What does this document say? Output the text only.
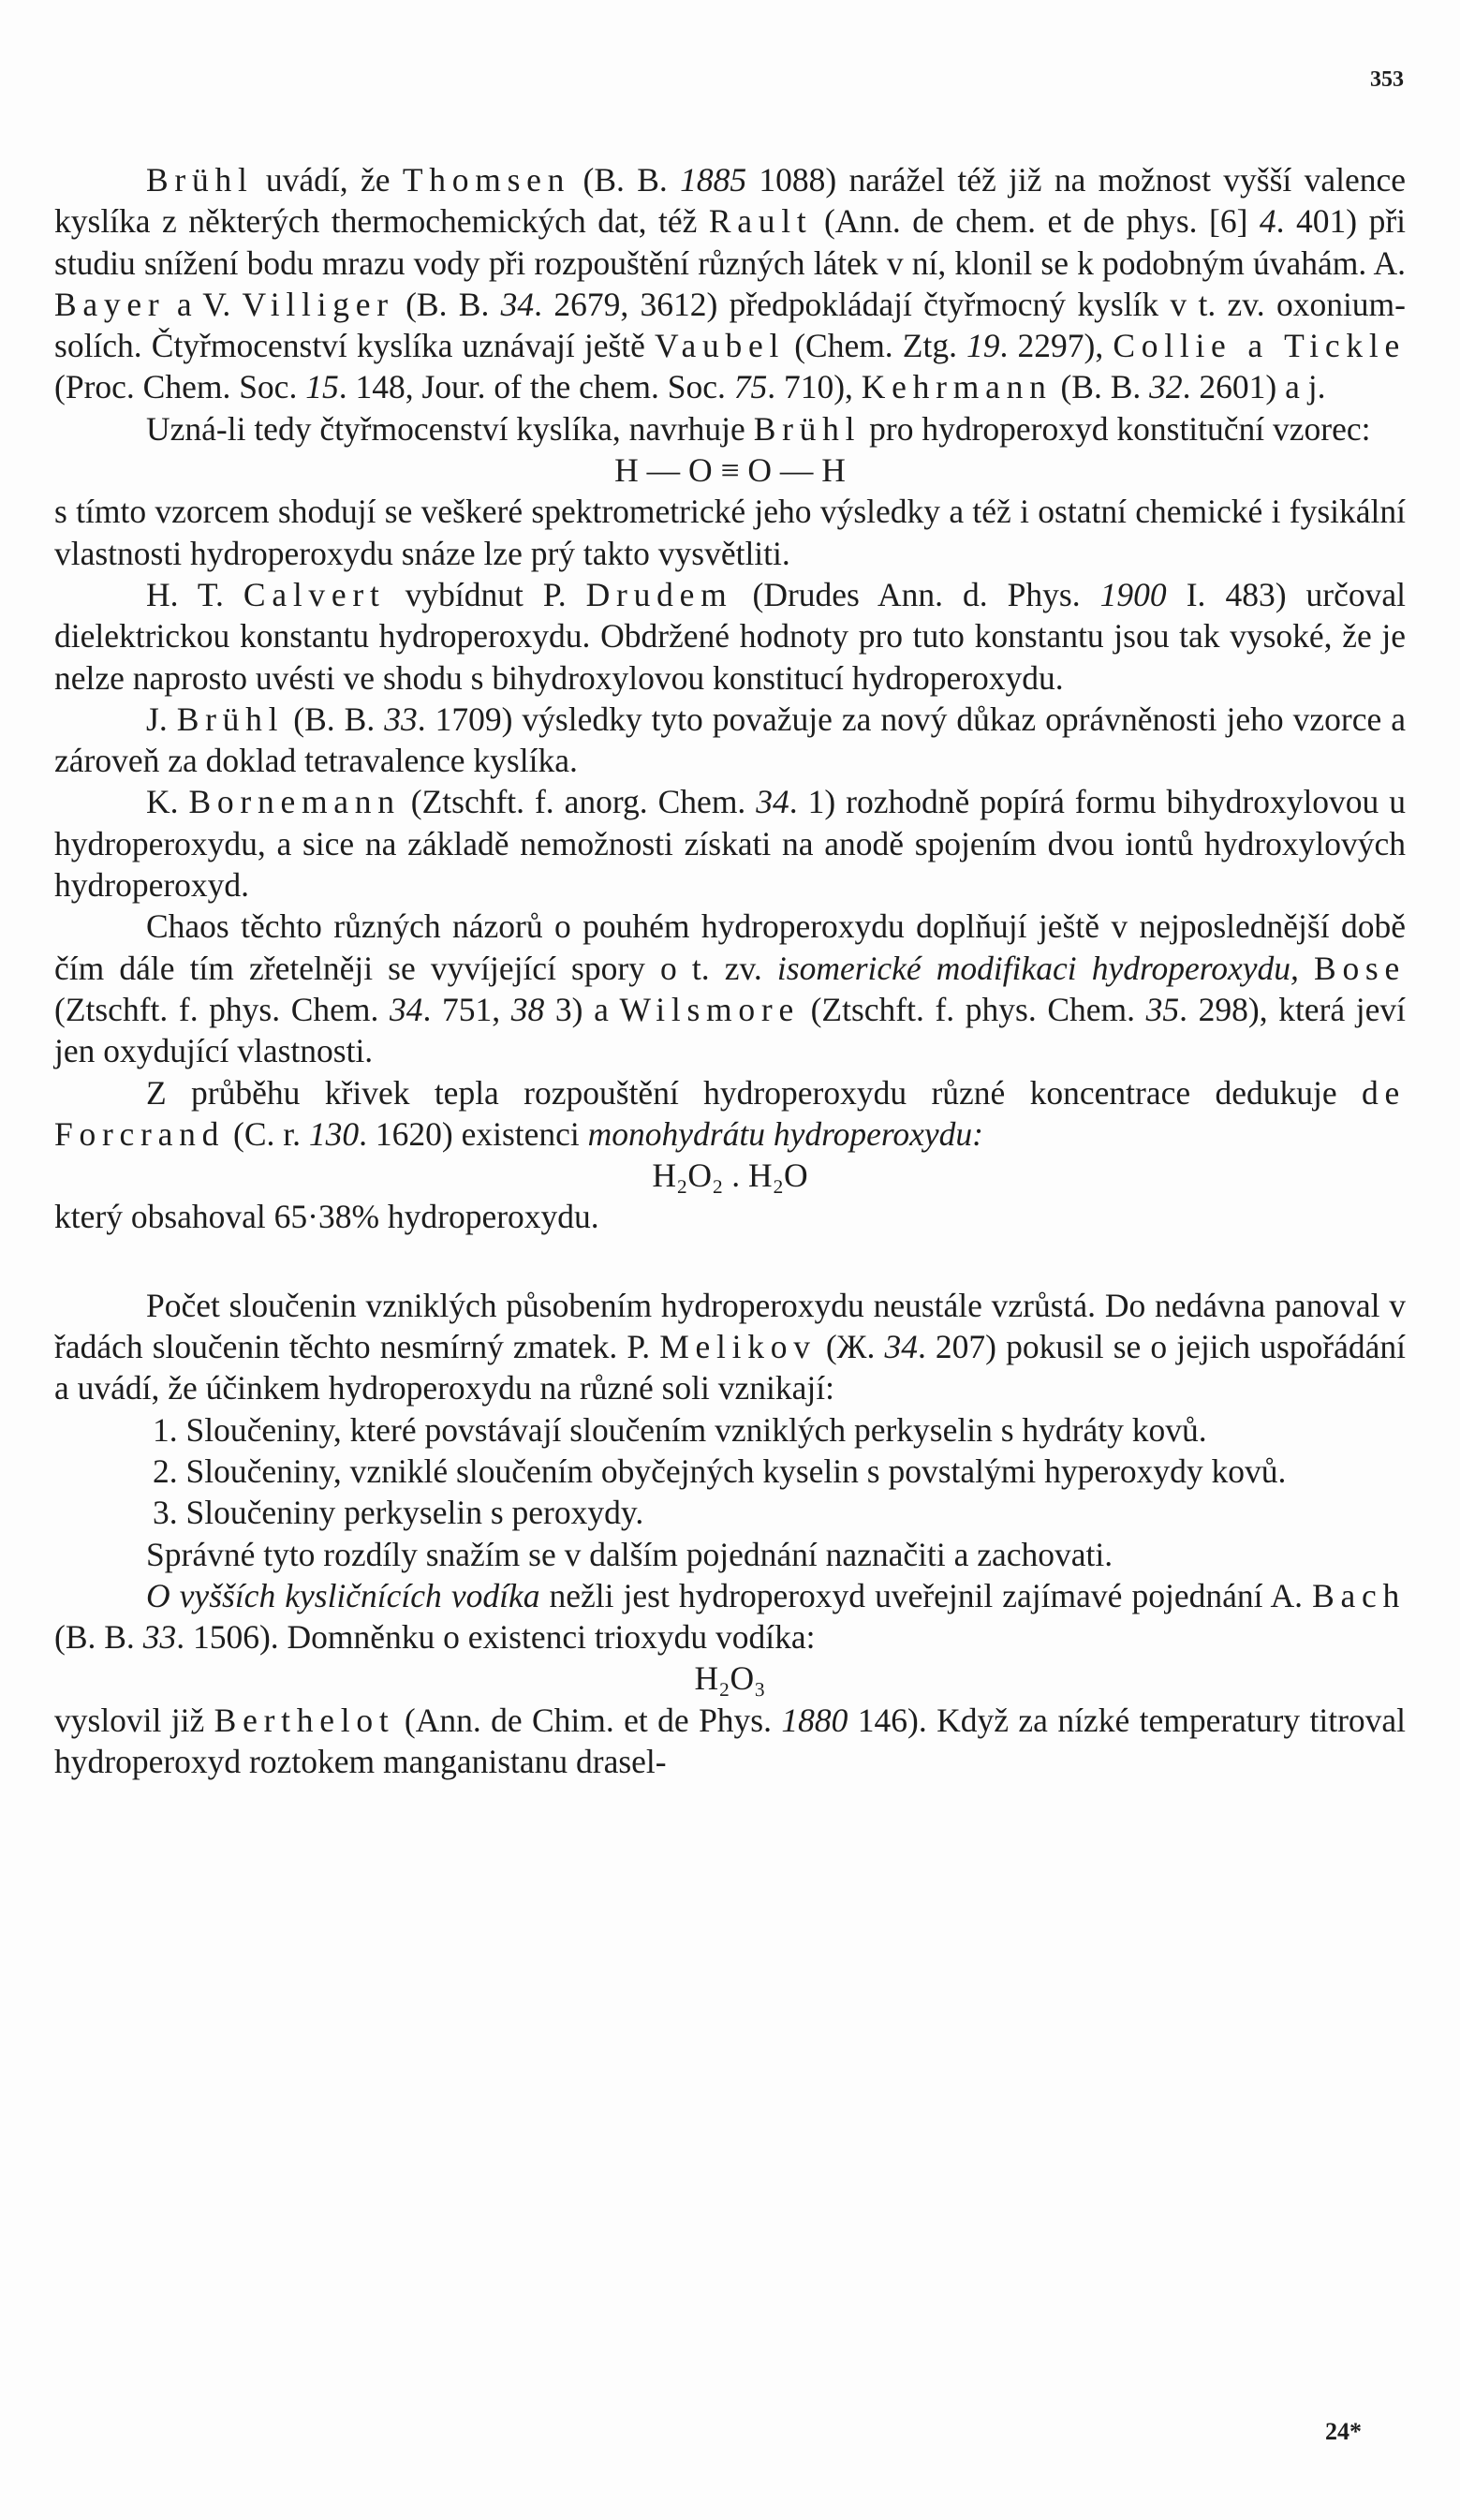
353

Brühl uvádí, že Thomsen (B. B. 1885 1088) narážel též již na možnost vyšší valence kyslíka z některých thermochemických dat, též Rault (Ann. de chem. et de phys. [6] 4. 401) při studiu snížení bodu mrazu vody při rozpouštění různých látek v ní, klonil se k podobným úvahám. A. Bayer a V. Villiger (B. B. 34. 2679, 3612) předpokládají čtyřmocný kyslík v t. zv. oxonium-solích. Čtyřmocenství kyslíka uznávají ještě Vaubel (Chem. Ztg. 19. 2297), Collie a Tickle (Proc. Chem. Soc. 15. 148, Jour. of the chem. Soc. 75. 710), Kehrmann (B. B. 32. 2601) a j.

Uzná-li tedy čtyřmocenství kyslíka, navrhuje Brühl pro hydroperoxyd konstituční vzorec:

H — O ≡ O — H

s tímto vzorcem shodují se veškeré spektrometrické jeho výsledky a též i ostatní chemické i fysikální vlastnosti hydroperoxydu snáze lze prý takto vysvětliti.

H. T. Calvert vybídnut P. Drudem (Drudes Ann. d. Phys. 1900 I. 483) určoval dielektrickou konstantu hydroperoxydu. Obdržené hodnoty pro tuto konstantu jsou tak vysoké, že je nelze naprosto uvésti ve shodu s bihydroxylovou konstitucí hydroperoxydu.

J. Brühl (B. B. 33. 1709) výsledky tyto považuje za nový důkaz oprávněnosti jeho vzorce a zároveň za doklad tetravalence kyslíka.

K. Bornemann (Ztschft. f. anorg. Chem. 34. 1) rozhodně popírá formu bihydroxylovou u hydroperoxydu, a sice na základě nemožnosti získati na anodě spojením dvou iontů hydroxylových hydroperoxyd.

Chaos těchto různých názorů o pouhém hydroperoxydu doplňují ještě v nejposlednější době čím dále tím zřetelněji se vyvíjející spory o t. zv. isomerické modifikaci hydroperoxydu, Bose (Ztschft. f. phys. Chem. 34. 751, 38 3) a Wilsmore (Ztschft. f. phys. Chem. 35. 298), která jeví jen oxydující vlastnosti.

Z průběhu křivek tepla rozpouštění hydroperoxydu různé koncentrace dedukuje de Forcrand (C. r. 130. 1620) existenci monohydrátu hydroperoxydu:

H₂O₂ . H₂O

který obsahoval 65·38% hydroperoxydu.

Počet sloučenin vzniklých působením hydroperoxydu neustále vzrůstá. Do nedávna panoval v řadách sloučenin těchto nesmírný zmatek. P. Melikov (Ж. 34. 207) pokusil se o jejich uspořádání a uvádí, že účinkem hydroperoxydu na různé soli vznikají:

1. Sloučeniny, které povstávají sloučením vzniklých perkyselin s hydráty kovů.

2. Sloučeniny, vzniklé sloučením obyčejných kyselin s povstalými hyperoxydy kovů.

3. Sloučeniny perkyselin s peroxydy.

Správné tyto rozdíly snažím se v dalším pojednání naznačiti a zachovati.

O vyšších kysličnících vodíka nežli jest hydroperoxyd uveřejnil zajímavé pojednání A. Bach (B. B. 33. 1506). Domněnku o existenci trioxydu vodíka:

H₂O₃

vyslovil již Berthelot (Ann. de Chim. et de Phys. 1880 146). Když za nízké temperatury titroval hydroperoxyd roztokem manganistanu drasel-

24*
